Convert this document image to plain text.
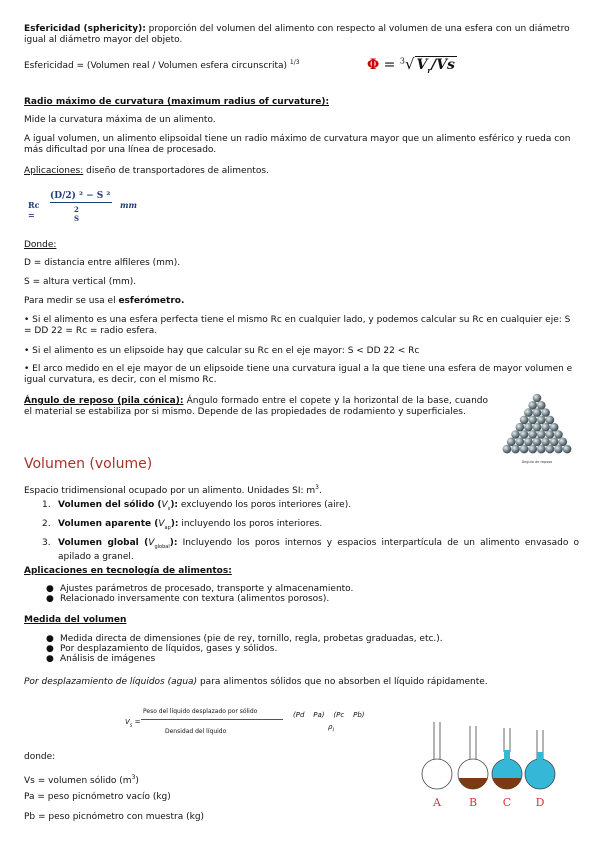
Esfericidad (sphericity): proporción del volumen del alimento con respecto al volumen de una esfera con un diámetro igual al diámetro mayor del objeto.

Esfericidad = (Volumen real / Volumen esfera circunscrita) $^{1/3}$	Φ = $^3$√ $V_r/Vs$

Radio máximo de curvatura (maximum radius of curvature):

Mide la curvatura máxima de un alimento.

A igual volumen, un alimento elipsoidal tiene un radio máximo de curvatura mayor que un alimento esférico y rueda con más dificultad por una línea de procesado.

Aplicaciones: diseño de transportadores de alimentos.

Rc =
(D/2) ² − S ²
2 S
mm

Donde:

D = distancia entre alfileres (mm).

S = altura vertical (mm).

Para medir se usa el esferómetro.

• Si el alimento es una esfera perfecta tiene el mismo Rc en cualquier lado, y podemos calcular su Rc en cualquier eje: S = DD 22 = Rc = radio esfera.

• Si el alimento es un elipsoide hay que calcular su Rc en el eje mayor: S < DD 22 < Rc

• El arco medido en el eje mayor de un elipsoide tiene una curvatura igual a la que tiene una esfera de mayor volumen e igual curvatura, es decir, con el mismo Rc.

Ángulo de reposo (pila cónica): Ángulo formado entre el copete y la horizontal de la base, cuando el material se estabiliza por si mismo. Depende de las propiedades de rodamiento y superficiales.

Ángulo de reposo
Volumen (volume)

Espacio tridimensional ocupado por un alimento. Unidades SI: $m^3$.

1. Volumen del sólido $(V_s)$: excluyendo los poros interiores (aire).
2. Volumen aparente $(V_{ap})$: incluyendo los poros interiores.
3. Volumen global $(V_{global})$: Incluyendo los poros internos y espacios interpartícula de un alimento envasado o apilado a granel.

Aplicaciones en tecnología de alimentos:

● Ajustes parámetros de procesado, transporte y almacenamiento.
● Relacionado inversamente con textura (alimentos porosos).

Medida del volumen

● Medida directa de dimensiones (pie de rey, tornillo, regla, probetas graduadas, etc.).
● Por desplazamiento de líquidos, gases y sólidos.
● Análisis de imágenes

Por desplazamiento de líquidos (agua) para alimentos sólidos que no absorben el líquido rápidamente.

$V_s$ =
Peso del líquido desplazado por sólido
Densidad del líquido
(Pd    Pa)    (Pc    Pb)
$\rho_l$

donde:

Vs = volumen sólido $(m^3)$

Pa = peso picnómetro vacío (kg)

Pb = peso picnómetro con muestra (kg)

A	B C D
